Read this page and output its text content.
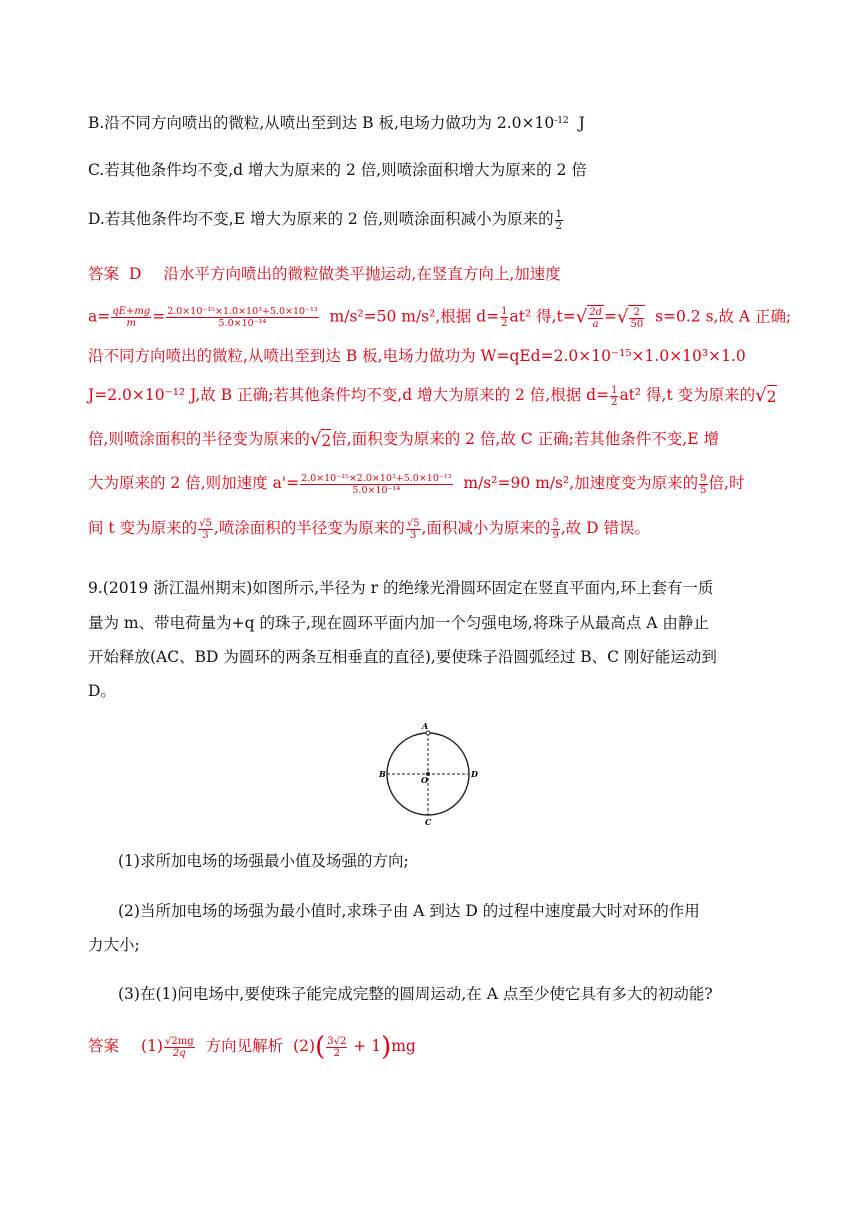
B.沿不同方向喷出的微粒,从喷出至到达 B 板,电场力做功为 $2.0\times 10^{-12}$ J
C.若其他条件均不变,d 增大为原来的 2 倍,则喷涂面积增大为原来的 2 倍
D.若其他条件均不变,E 增大为原来的 2 倍,则喷涂面积减小为原来的 $\frac{1}{2}$
答案 D 沿水平方向喷出的微粒做类平抛运动,在竖直方向上,加速度
$a= \frac{qE+mg}{m} = \frac{\text{2.0×10⁻¹⁵×1.0×10³+5.0×10⁻¹³}}{\text{5.0×10⁻¹⁴}} m/s^2=50$ m/s²,根据 $d= \frac{1}{2} at^2$ 得$,t=√ \frac{2d}{a}$ =√ $\frac{2}{50} s=0.2$ s,故 A 正确;
沿不同方向喷出的微粒,从喷出至到达 B 板,电场力做功为 W=qEd=2.0×10⁻¹⁵×1.0×10³×1.0
J=2.0×10⁻¹² J,故 B 正确;若其他条件均不变,d 增大为原来的 2 倍,根据 $d= \frac{1}{2} at^2$ 得,t 变为原来的√2
倍,则喷涂面积的半径变为原来的√2倍,面积变为原来的 2 倍,故 C 正确;若其他条件不变,E 增
大为原来的 2 倍,则加速度 $a'= \frac{\text{2.0×10⁻¹⁵×2.0×10³+5.0×10⁻¹³}}{\text{5.0×10⁻¹⁴}} m/s^2=90$ m/s²,加速度变为原来的 $\frac{9}{5}$ 倍,时
间 t 变为原来的 $\frac{√5}{3}$ ,喷涂面积的半径变为原来的 $\frac{√5}{3}$ ,面积减小为原来的 $\frac{5}{9}$ ,故 D 错误。
9.(2019 浙江温州期末)如图所示,半径为 r 的绝缘光滑圆环固定在竖直平面内,环上套有一质
量为 m、带电荷量为+q 的珠子,现在圆环平面内加一个匀强电场,将珠子从最高点 A 由静止
开始释放(AC、BD 为圆环的两条互相垂直的直径),要使珠子沿圆弧经过 B、C 刚好能运动到
D。
A
B
C
D
O
(1)求所加电场的场强最小值及场强的方向;
(2)当所加电场的场强为最小值时,求珠子由 A 到达 D 的过程中速度最大时对环的作用
力大小;
(3)在(1)问电场中,要使珠子能完成完整的圆周运动,在 A 点至少使它具有多大的初动能?
答案 $(1) \frac{√2mg}{2q}$ 方向见解析 $(2)( \frac{3√2}{2} + 1)mg$
